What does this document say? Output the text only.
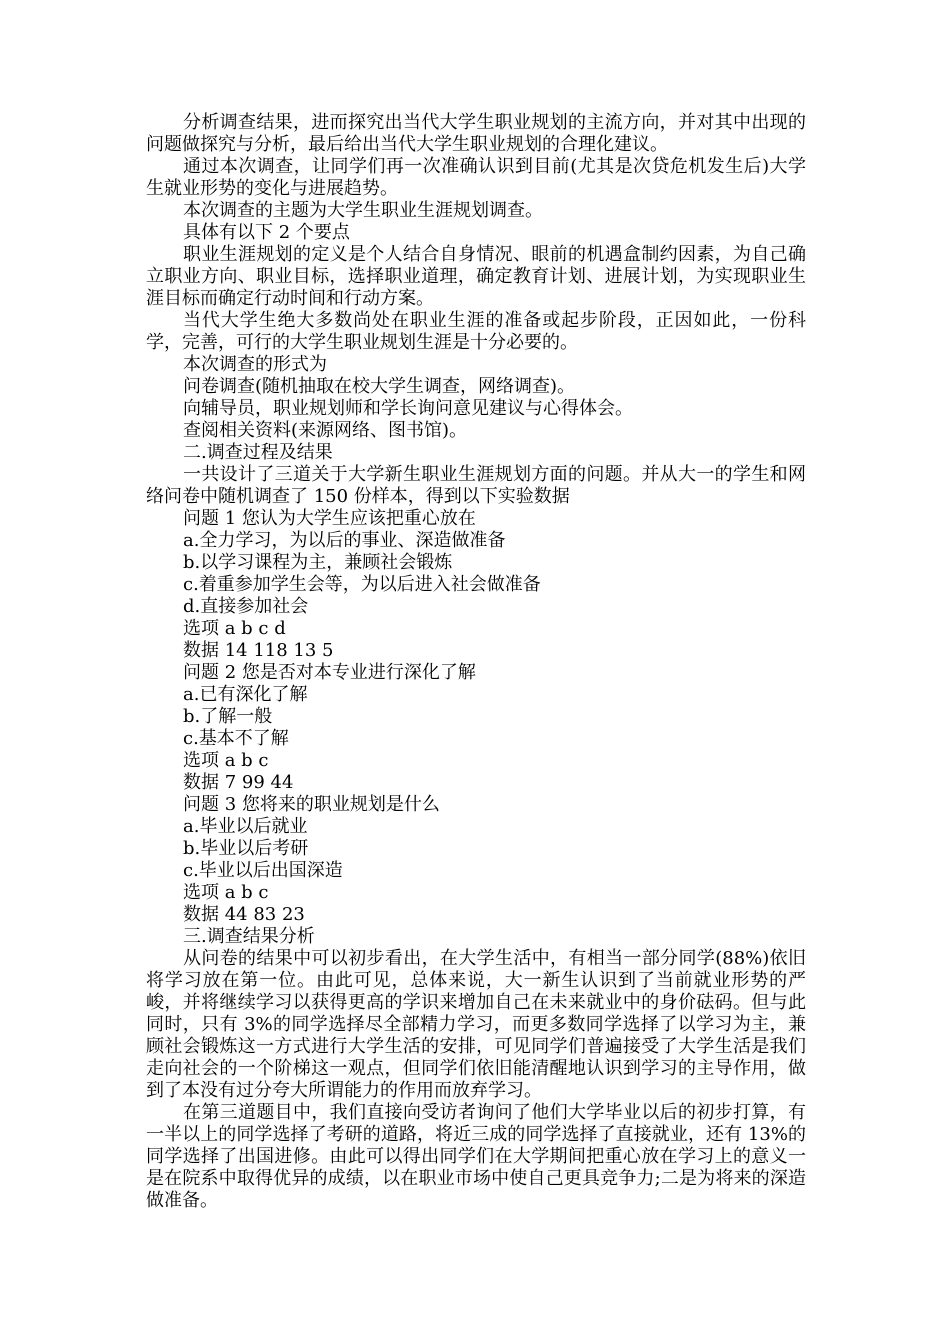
分析调查结果，进而探究出当代大学生职业规划的主流方向，并对其中出现的问题做探究与分析，最后给出当代大学生职业规划的合理化建议。

通过本次调查，让同学们再一次准确认识到目前(尤其是次贷危机发生后)大学生就业形势的变化与进展趋势。

本次调查的主题为大学生职业生涯规划调查。

具体有以下 2 个要点

职业生涯规划的定义是个人结合自身情况、眼前的机遇盒制约因素，为自己确立职业方向、职业目标，选择职业道理，确定教育计划、进展计划，为实现职业生涯目标而确定行动时间和行动方案。

当代大学生绝大多数尚处在职业生涯的准备或起步阶段，正因如此，一份科学，完善，可行的大学生职业规划生涯是十分必要的。

本次调查的形式为

问卷调查(随机抽取在校大学生调查，网络调查)。

向辅导员，职业规划师和学长询问意见建议与心得体会。

查阅相关资料(来源网络、图书馆)。

二.调查过程及结果

一共设计了三道关于大学新生职业生涯规划方面的问题。并从大一的学生和网络问卷中随机调查了 150 份样本，得到以下实验数据

问题 1 您认为大学生应该把重心放在

a.全力学习，为以后的事业、深造做准备

b.以学习课程为主，兼顾社会锻炼

c.着重参加学生会等，为以后进入社会做准备

d.直接参加社会

选项 a b c d

数据 14 118 13 5

问题 2 您是否对本专业进行深化了解

a.已有深化了解

b.了解一般

c.基本不了解

选项 a b c

数据 7 99 44

问题 3 您将来的职业规划是什么

a.毕业以后就业

b.毕业以后考研

c.毕业以后出国深造

选项 a b c

数据 44 83 23

三.调查结果分析

从问卷的结果中可以初步看出，在大学生活中，有相当一部分同学(88%)依旧将学习放在第一位。由此可见，总体来说，大一新生认识到了当前就业形势的严峻，并将继续学习以获得更高的学识来增加自己在未来就业中的身价砝码。但与此同时，只有 3%的同学选择尽全部精力学习，而更多数同学选择了以学习为主，兼顾社会锻炼这一方式进行大学生活的安排，可见同学们普遍接受了大学生活是我们走向社会的一个阶梯这一观点，但同学们依旧能清醒地认识到学习的主导作用，做到了本没有过分夸大所谓能力的作用而放弃学习。

在第三道题目中，我们直接向受访者询问了他们大学毕业以后的初步打算，有一半以上的同学选择了考研的道路，将近三成的同学选择了直接就业，还有 13%的同学选择了出国进修。由此可以得出同学们在大学期间把重心放在学习上的意义一是在院系中取得优异的成绩，以在职业市场中使自己更具竞争力;二是为将来的深造做准备。
